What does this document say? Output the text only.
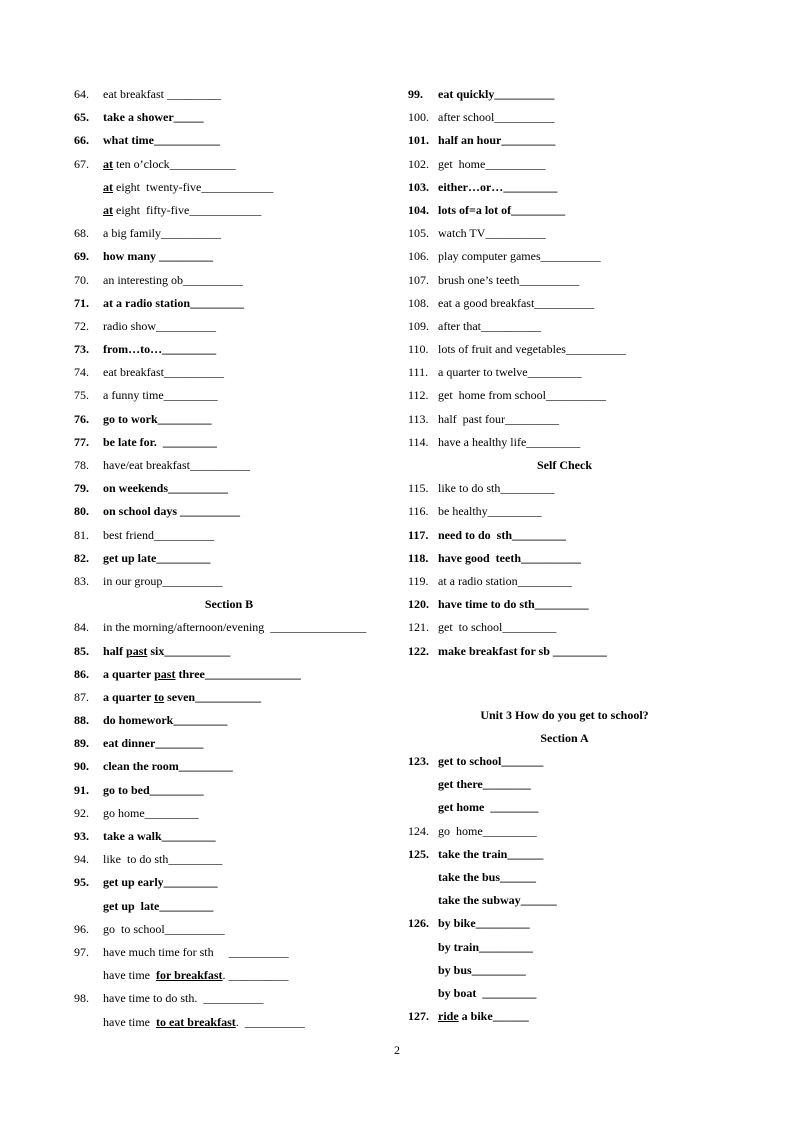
64. eat breakfast _________
65. take a shower_____
66. what time___________
67. at ten o’clock___________
at eight  twenty-five____________
at eight  fifty-five____________
68. a big family__________
69. how many _________
70. an interesting ob__________
71. at a radio station_________
72. radio show__________
73. from…to…_________
74. eat breakfast__________
75. a funny time_________
76. go to work_________
77. be late for.  _________
78. have/eat breakfast__________
79. on weekends__________
80. on school days __________
81. best friend__________
82. get up late_________
83. in our group__________
Section B
84. in the morning/afternoon/evening  ________________
85. half past six___________
86. a quarter past three________________
87. a quarter to seven___________
88. do homework_________
89. eat dinner________
90. clean the room_________
91. go to bed_________
92. go home_________
93. take a walk_________
94. like  to do sth_________
95. get up early_________
get up  late_________
96. go  to school__________
97. have much time for sth     __________
have time  for breakfast. __________
98. have time to do sth.  __________
have time  to eat breakfast.  __________
99. eat quickly__________
100. after school__________
101. half an hour_________
102. get  home__________
103. either…or…_________
104. lots of=a lot of_________
105. watch TV__________
106. play computer games__________
107. brush one’s teeth__________
108. eat a good breakfast__________
109. after that__________
110. lots of fruit and vegetables__________
111. a quarter to twelve_________
112. get  home from school__________
113. half  past four_________
114. have a healthy life_________
Self Check
115. like to do sth_________
116. be healthy_________
117. need to do  sth_________
118. have good  teeth__________
119. at a radio station_________
120. have time to do sth_________
121. get  to school_________
122. make breakfast for sb _________
Unit 3 How do you get to school?
Section A
123. get to school_______
get there________
get home  ________
124. go  home_________
125. take the train______
take the bus______
take the subway______
126. by bike_________
by train_________
by bus_________
by boat  _________
127. ride a bike______
2
